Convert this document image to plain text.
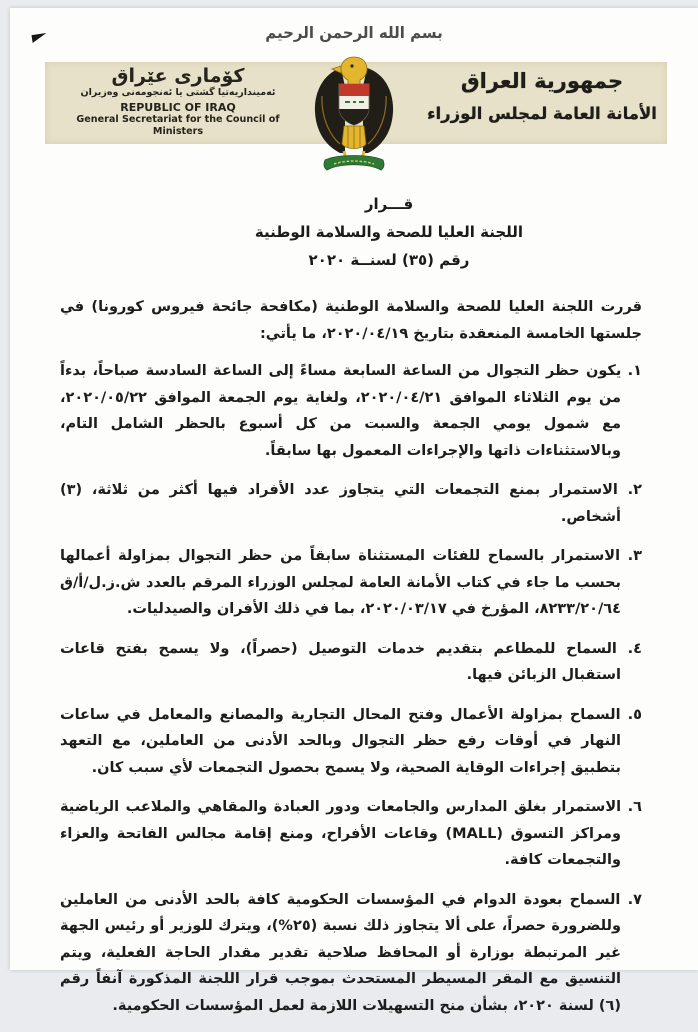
بسم الله الرحمن الرحيم
كۆمارى عێراق
ئەمینداریەتیا گشتی یا ئەنجومەنی وەزیران
REPUBLIC OF IRAQ
General Secretariat for the Council of Ministers
جمهورية العراق
الأمانة العامة لمجلس الوزراء
قـــرار
اللجنة العليا للصحة والسلامة الوطنية
رقم (٣٥) لسنــة ٢٠٢٠

قررت اللجنة العليا للصحة والسلامة الوطنية (مكافحة جائحة فيروس كورونا) في جلستها الخامسة المنعقدة بتاريخ ٢٠٢٠/٠٤/١٩، ما يأتي:

١. يكون حظر التجوال من الساعة السابعة مساءً إلى الساعة السادسة صباحاً، بدءاً من يوم الثلاثاء الموافق ٢٠٢٠/٠٤/٢١، ولغاية يوم الجمعة الموافق ٢٠٢٠/٠٥/٢٢، مع شمول يومي الجمعة والسبت من كل أسبوع بالحظر الشامل التام، وبالاستثناءات ذاتها والإجراءات المعمول بها سابقاً.
٢. الاستمرار بمنع التجمعات التي يتجاوز عدد الأفراد فيها أكثر من ثلاثة، (٣) أشخاص.
٣. الاستمرار بالسماح للفئات المستثناة سابقاً من حظر التجوال بمزاولة أعمالها بحسب ما جاء في كتاب الأمانة العامة لمجلس الوزراء المرقم بالعدد ش.ز.ل/أ/ق ٨٢٣٣/٢٠/٦٤، المؤرخ في ٢٠٢٠/٠٣/١٧، بما في ذلك الأفران والصيدليات.
٤. السماح للمطاعم بتقديم خدمات التوصيل (حصراً)، ولا يسمح بفتح قاعات استقبال الزبائن فيها.
٥. السماح بمزاولة الأعمال وفتح المحال التجارية والمصانع والمعامل في ساعات النهار في أوقات رفع حظر التجوال وبالحد الأدنى من العاملين، مع التعهد بتطبيق إجراءات الوقاية الصحية، ولا يسمح بحصول التجمعات لأي سبب كان.
٦. الاستمرار بغلق المدارس والجامعات ودور العبادة والمقاهي والملاعب الرياضية ومراكز التسوق (MALL) وقاعات الأفراح، ومنع إقامة مجالس الفاتحة والعزاء والتجمعات كافة.
٧. السماح بعودة الدوام في المؤسسات الحكومية كافة بالحد الأدنى من العاملين وللضرورة حصراً، على ألا يتجاوز ذلك نسبة (٢٥%)، ويترك للوزير أو رئيس الجهة غير المرتبطة بوزارة أو المحافظ صلاحية تقدير مقدار الحاجة الفعلية، ويتم التنسيق مع المقر المسيطر المستحدث بموجب قرار اللجنة المذكورة آنفاً رقم (٦) لسنة ٢٠٢٠، بشأن منح التسهيلات اللازمة لعمل المؤسسات الحكومية.
